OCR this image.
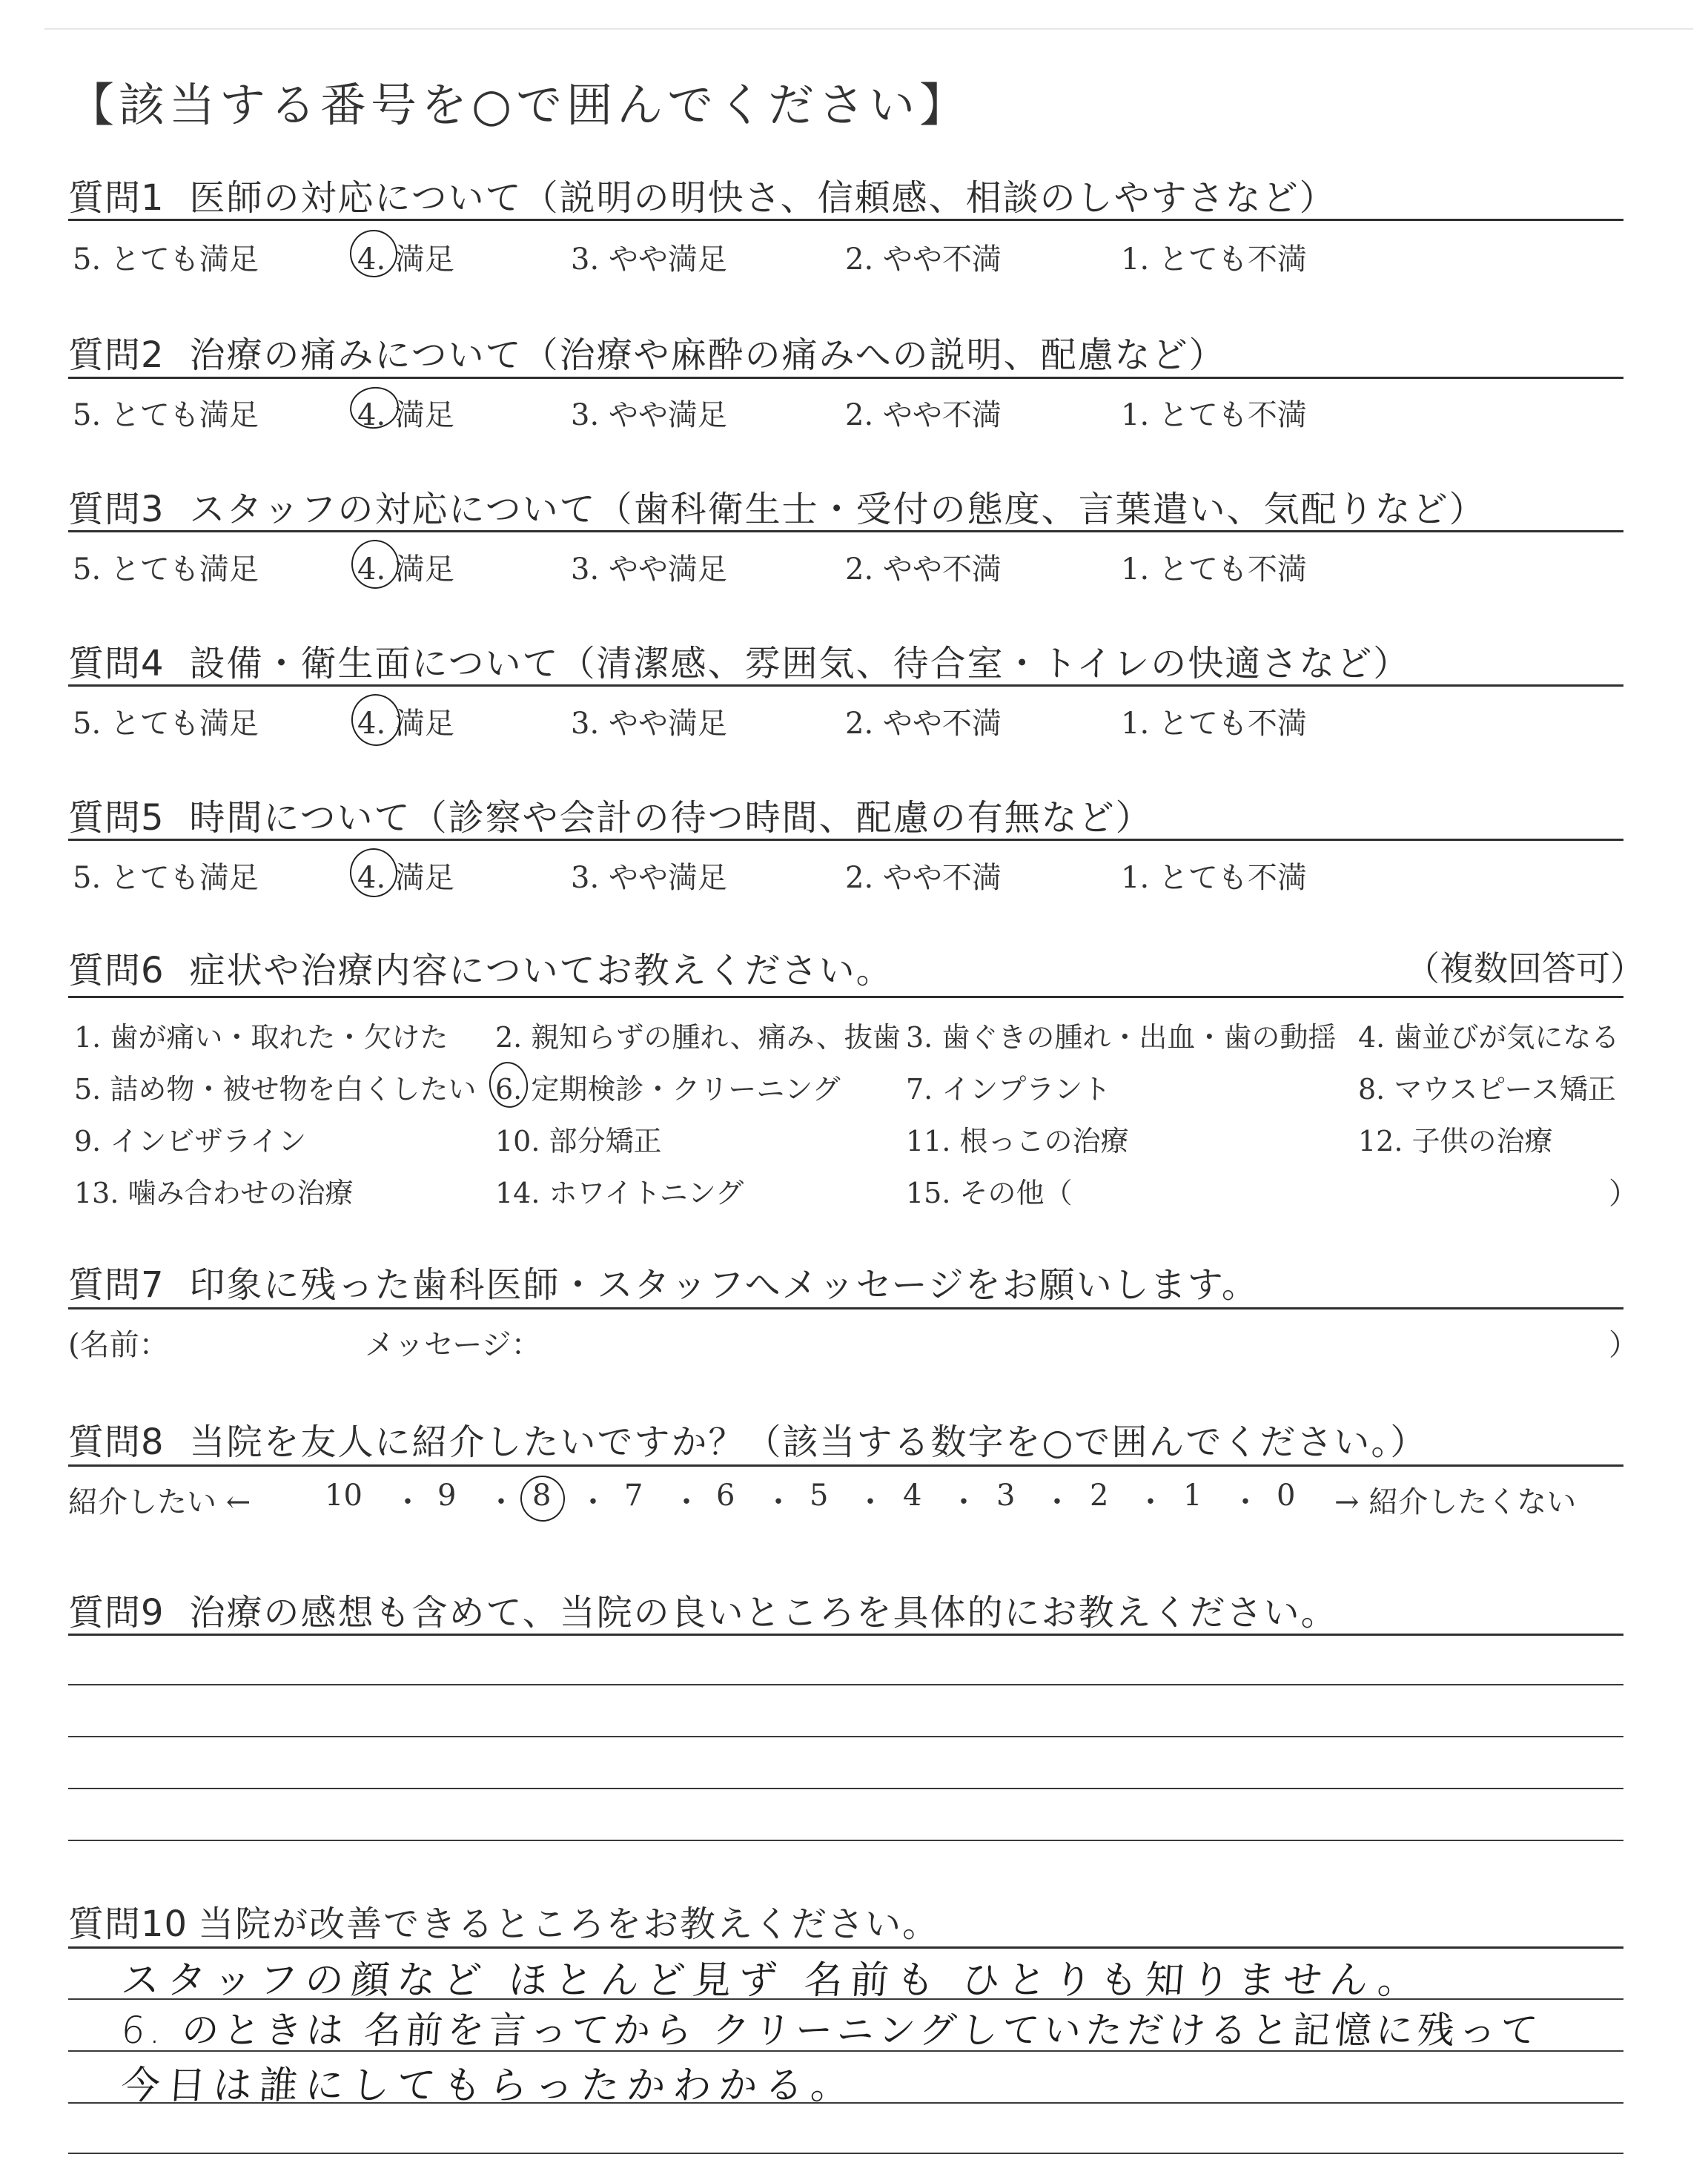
【該当する番号を○で囲んでください】
質問1 医師の対応について（説明の明快さ、信頼感、相談のしやすさなど）
5. とても満足	4. 満足	3. やや満足	2. やや不満	1. とても不満
質問2 治療の痛みについて（治療や麻酔の痛みへの説明、配慮など）
5. とても満足	4. 満足	3. やや満足	2. やや不満	1. とても不満
質問3 スタッフの対応について（歯科衛生士・受付の態度、言葉遣い、気配りなど）
5. とても満足	4. 満足	3. やや満足	2. やや不満	1. とても不満
質問4 設備・衛生面について（清潔感、雰囲気、待合室・トイレの快適さなど）
5. とても満足	4. 満足	3. やや満足	2. やや不満	1. とても不満
質問5 時間について（診察や会計の待つ時間、配慮の有無など）
5. とても満足	4. 満足	3. やや満足	2. やや不満	1. とても不満
質問6 症状や治療内容についてお教えください。	（複数回答可）
1. 歯が痛い・取れた・欠けた 2. 親知らずの腫れ、痛み、抜歯 3. 歯ぐきの腫れ・出血・歯の動揺 4. 歯並びが気になる
5. 詰め物・被せ物を白くしたい 6. 定期検診・クリーニング 7. インプラント	8. マウスピース矯正
9. インビザライン	10. 部分矯正	11. 根っこの治療	12. 子供の治療
13. 噛み合わせの治療	14. ホワイトニング	15. その他（	）
質問7 印象に残った歯科医師・スタッフへメッセージをお願いします。
(名前：	メッセージ：	）
質問8 当院を友人に紹介したいですか？（該当する数字を○で囲んでください。）
紹介したい ← 10 ・ 9 ・ 8 ・ 7 ・ 6 ・ 5 ・ 4 ・ 3 ・ 2 ・ 1 ・ 0 → 紹介したくない
質問9 治療の感想も含めて、当院の良いところを具体的にお教えください。
質問10 当院が改善できるところをお教えください。
スタッフの顔など ほとんど見ず 名前も ひとりも知りません。
6. のときは 名前を言ってから クリーニングしていただけると記憶に残って
今日は誰にしてもらったかわかる。
